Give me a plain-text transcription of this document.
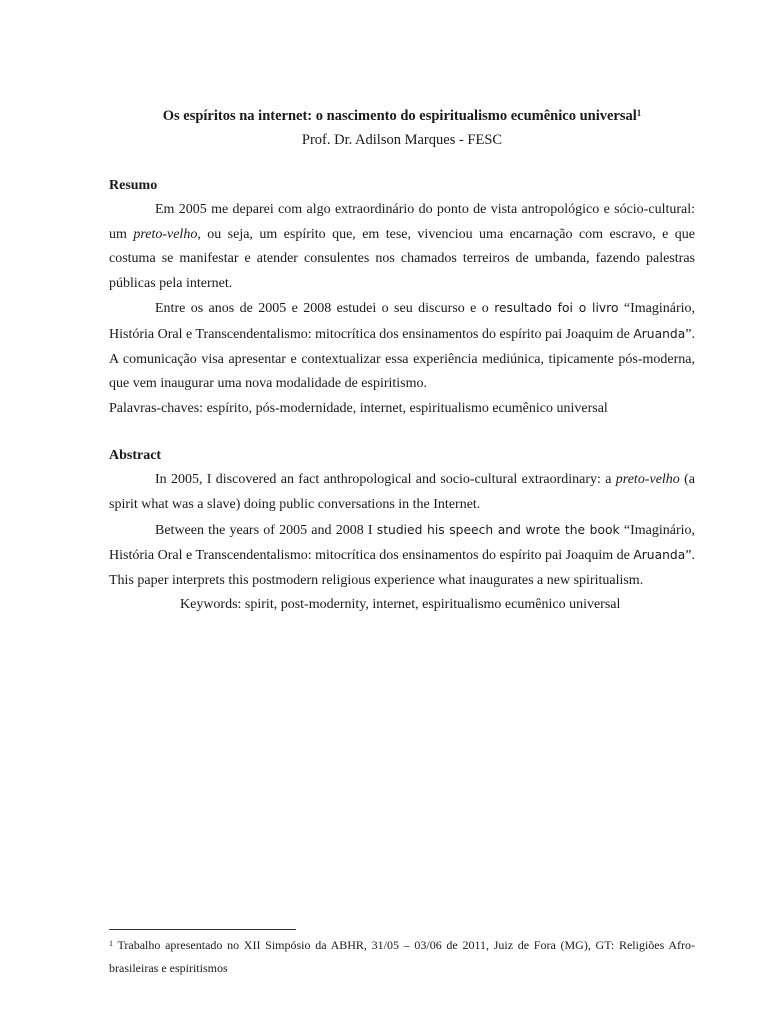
Os espíritos na internet: o nascimento do espiritualismo ecumênico universal$^1$

Prof. Dr. Adilson Marques - FESC

Resumo

Em 2005 me deparei com algo extraordinário do ponto de vista antropológico e sócio-cultural: um preto-velho, ou seja, um espírito que, em tese, vivenciou uma encarnação com escravo, e que costuma se manifestar e atender consulentes nos chamados terreiros de umbanda, fazendo palestras públicas pela internet.

Entre os anos de 2005 e 2008 estudei o seu discurso e o resultado foi o livro “Imaginário, História Oral e Transcendentalismo: mitocrítica dos ensinamentos do espírito pai Joaquim de Aruanda”. A comunicação visa apresentar e contextualizar essa experiência mediúnica, tipicamente pós-moderna, que vem inaugurar uma nova modalidade de espiritismo.

Palavras-chaves: espírito, pós-modernidade, internet, espiritualismo ecumênico universal

Abstract

In 2005, I discovered an fact anthropological and socio-cultural extraordinary: a preto-velho (a spirit what was a slave) doing public conversations in the Internet.

Between the years of 2005 and 2008 I studied his speech and wrote the book “Imaginário, História Oral e Transcendentalismo: mitocrítica dos ensinamentos do espírito pai Joaquim de Aruanda”. This paper interprets this postmodern religious experience what inaugurates a new spiritualism.

Keywords: spirit, post-modernity, internet, espiritualismo ecumênico universal

$^1$ Trabalho apresentado no XII Simpósio da ABHR, 31/05 – 03/06 de 2011, Juiz de Fora (MG), GT: Religiões Afro-brasileiras e espiritismos
